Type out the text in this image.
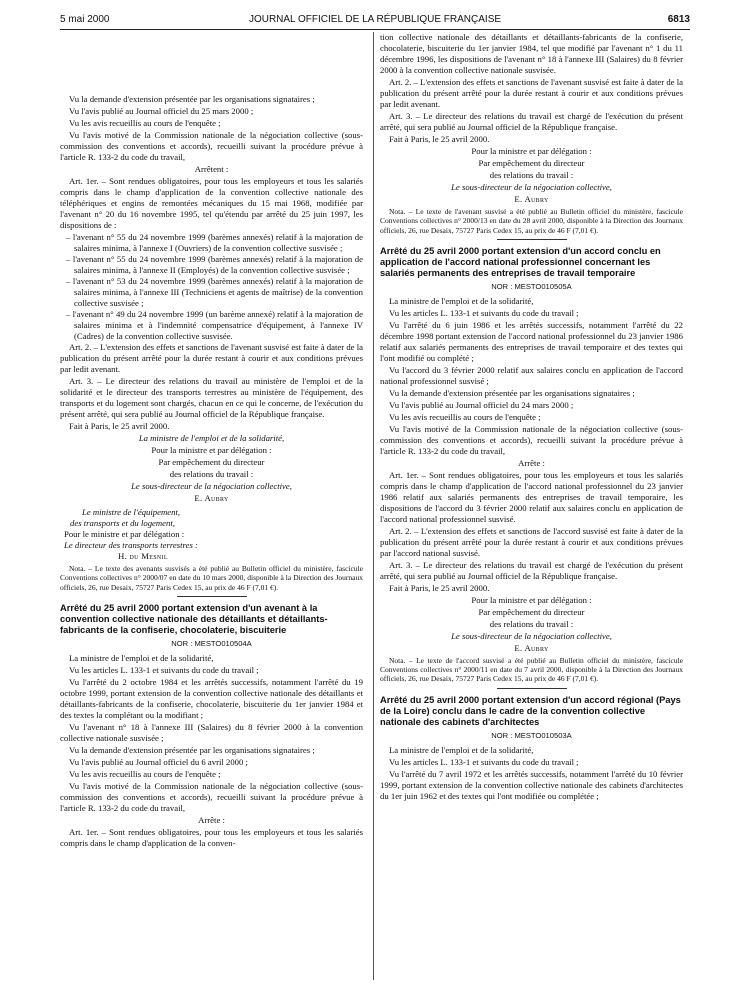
5 mai 2000	JOURNAL OFFICIEL DE LA RÉPUBLIQUE FRANÇAISE	6813

Vu la demande d'extension présentée par les organisations signataires ;

Vu l'avis publié au Journal officiel du 25 mars 2000 ;

Vu les avis recueillis au cours de l'enquête ;

Vu l'avis motivé de la Commission nationale de la négociation collective (sous-commission des conventions et accords), recueilli suivant la procédure prévue à l'article R. 133-2 du code du travail,

Arrêtent :

Art. 1er. – Sont rendues obligatoires, pour tous les employeurs et tous les salariés compris dans le champ d'application de la convention collective nationale des téléphériques et engins de remontées mécaniques du 15 mai 1968, modifiée par l'avenant n° 20 du 16 novembre 1995, tel qu'étendu par arrêté du 25 juin 1997, les dispositions de :

– l'avenant n° 55 du 24 novembre 1999 (barèmes annexés) relatif à la majoration de salaires minima, à l'annexe I (Ouvriers) de la convention collective susvisée ;
– l'avenant n° 55 du 24 novembre 1999 (barèmes annexés) relatif à la majoration de salaires minima, à l'annexe II (Employés) de la convention collective susvisée ;
– l'avenant n° 53 du 24 novembre 1999 (barèmes annexés) relatif à la majoration de salaires minima, à l'annexe III (Techniciens et agents de maîtrise) de la convention collective susvisée ;
– l'avenant n° 49 du 24 novembre 1999 (un barème annexé) relatif à la majoration de salaires minima et à l'indemnité compensatrice d'équipement, à l'annexe IV (Cadres) de la convention collective susvisée.

Art. 2. – L'extension des effets et sanctions de l'avenant susvisé est faite à dater de la publication du présent arrêté pour la durée restant à courir et aux conditions prévues par ledit avenant.

Art. 3. – Le directeur des relations du travail au ministère de l'emploi et de la solidarité et le directeur des transports terrestres au ministère de l'équipement, des transports et du logement sont chargés, chacun en ce qui le concerne, de l'exécution du présent arrêté, qui sera publié au Journal officiel de la République française.

Fait à Paris, le 25 avril 2000.

La ministre de l'emploi et de la solidarité,
Pour la ministre et par délégation :
Par empêchement du directeur
des relations du travail :
Le sous-directeur de la négociation collective,
E. Aubry
Le ministre de l'équipement,
des transports et du logement,
Pour le ministre et par délégation :
Le directeur des transports terrestres :
H. du Mesnil
Nota. – Le texte des avenants susvisés a été publié au Bulletin officiel du ministère, fascicule Conventions collectives n° 2000/07 en date du 10 mars 2000, disponible à la Direction des Journaux officiels, 26, rue Desaix, 75727 Paris Cedex 15, au prix de 46 F (7,01 €).
Arrêté du 25 avril 2000 portant extension d'un avenant à la convention collective nationale des détaillants et détaillants-fabricants de la confiserie, chocolaterie, biscuiterie
NOR : MESTO010504A

La ministre de l'emploi et de la solidarité,

Vu les articles L. 133-1 et suivants du code du travail ;

Vu l'arrêté du 2 octobre 1984 et les arrêtés successifs, notamment l'arrêté du 19 octobre 1999, portant extension de la convention collective nationale des détaillants et détaillants-fabricants de la confiserie, chocolaterie, biscuiterie du 1er janvier 1984 et des textes la complétant ou la modifiant ;

Vu l'avenant n° 18 à l'annexe III (Salaires) du 8 février 2000 à la convention collective nationale susvisée ;

Vu la demande d'extension présentée par les organisations signataires ;

Vu l'avis publié au Journal officiel du 6 avril 2000 ;

Vu les avis recueillis au cours de l'enquête ;

Vu l'avis motivé de la Commission nationale de la négociation collective (sous-commission des conventions et accords), recueilli suivant la procédure prévue à l'article R. 133-2 du code du travail,

Arrête :

Art. 1er. – Sont rendues obligatoires, pour tous les employeurs et tous les salariés compris dans le champ d'application de la conven-

tion collective nationale des détaillants et détaillants-fabricants de la confiserie, chocolaterie, biscuiterie du 1er janvier 1984, tel que modifié par l'avenant n° 1 du 11 décembre 1996, les dispositions de l'avenant n° 18 à l'annexe III (Salaires) du 8 février 2000 à la convention collective nationale susvisée.

Art. 2. – L'extension des effets et sanctions de l'avenant susvisé est faite à dater de la publication du présent arrêté pour la durée restant à courir et aux conditions prévues par ledit avenant.

Art. 3. – Le directeur des relations du travail est chargé de l'exécution du présent arrêté, qui sera publié au Journal officiel de la République française.

Fait à Paris, le 25 avril 2000.

Pour la ministre et par délégation :
Par empêchement du directeur
des relations du travail :
Le sous-directeur de la négociation collective,
E. Aubry
Nota. – Le texte de l'avenant susvisé a été publié au Bulletin officiel du ministère, fascicule Conventions collectives n° 2000/13 en date du 28 avril 2000, disponible à la Direction des Journaux officiels, 26, rue Desaix, 75727 Paris Cedex 15, au prix de 46 F (7,01 €).
Arrêté du 25 avril 2000 portant extension d'un accord conclu en application de l'accord national professionnel concernant les salariés permanents des entreprises de travail temporaire
NOR : MESTO010505A

La ministre de l'emploi et de la solidarité,

Vu les articles L. 133-1 et suivants du code du travail ;

Vu l'arrêté du 6 juin 1986 et les arrêtés successifs, notamment l'arrêté du 22 décembre 1998 portant extension de l'accord national professionnel du 23 janvier 1986 relatif aux salariés permanents des entreprises de travail temporaire et des textes qui l'ont modifié ou complété ;

Vu l'accord du 3 février 2000 relatif aux salaires conclu en application de l'accord national professionnel susvisé ;

Vu la demande d'extension présentée par les organisations signataires ;

Vu l'avis publié au Journal officiel du 24 mars 2000 ;

Vu les avis recueillis au cours de l'enquête ;

Vu l'avis motivé de la Commission nationale de la négociation collective (sous-commission des conventions et accords), recueilli suivant la procédure prévue à l'article R. 133-2 du code du travail,

Arrête :

Art. 1er. – Sont rendues obligatoires, pour tous les employeurs et tous les salariés compris dans le champ d'application de l'accord national professionnel du 23 janvier 1986 relatif aux salariés permanents des entreprises de travail temporaire, les dispositions de l'accord du 3 février 2000 relatif aux salaires conclu en application de l'accord national professionnel susvisé.

Art. 2. – L'extension des effets et sanctions de l'accord susvisé est faite à dater de la publication du présent arrêté pour la durée restant à courir et aux conditions prévues par l'accord national susvisé.

Art. 3. – Le directeur des relations du travail est chargé de l'exécution du présent arrêté, qui sera publié au Journal officiel de la République française.

Fait à Paris, le 25 avril 2000.

Pour la ministre et par délégation :
Par empêchement du directeur
des relations du travail :
Le sous-directeur de la négociation collective,
E. Aubry
Nota. – Le texte de l'accord susvisé a été publié au Bulletin officiel du ministère, fascicule Conventions collectives n° 2000/11 en date du 7 avril 2000, disponible à la Direction des Journaux officiels, 26, rue Desaix, 75727 Paris Cedex 15, au prix de 46 F (7,01 €).
Arrêté du 25 avril 2000 portant extension d'un accord régional (Pays de la Loire) conclu dans le cadre de la convention collective nationale des cabinets d'architectes
NOR : MESTO010503A

La ministre de l'emploi et de la solidarité,

Vu les articles L. 133-1 et suivants du code du travail ;

Vu l'arrêté du 7 avril 1972 et les arrêtés successifs, notamment l'arrêté du 10 février 1999, portant extension de la convention collective nationale des cabinets d'architectes du 1er juin 1962 et des textes qui l'ont modifiée ou complétée ;
